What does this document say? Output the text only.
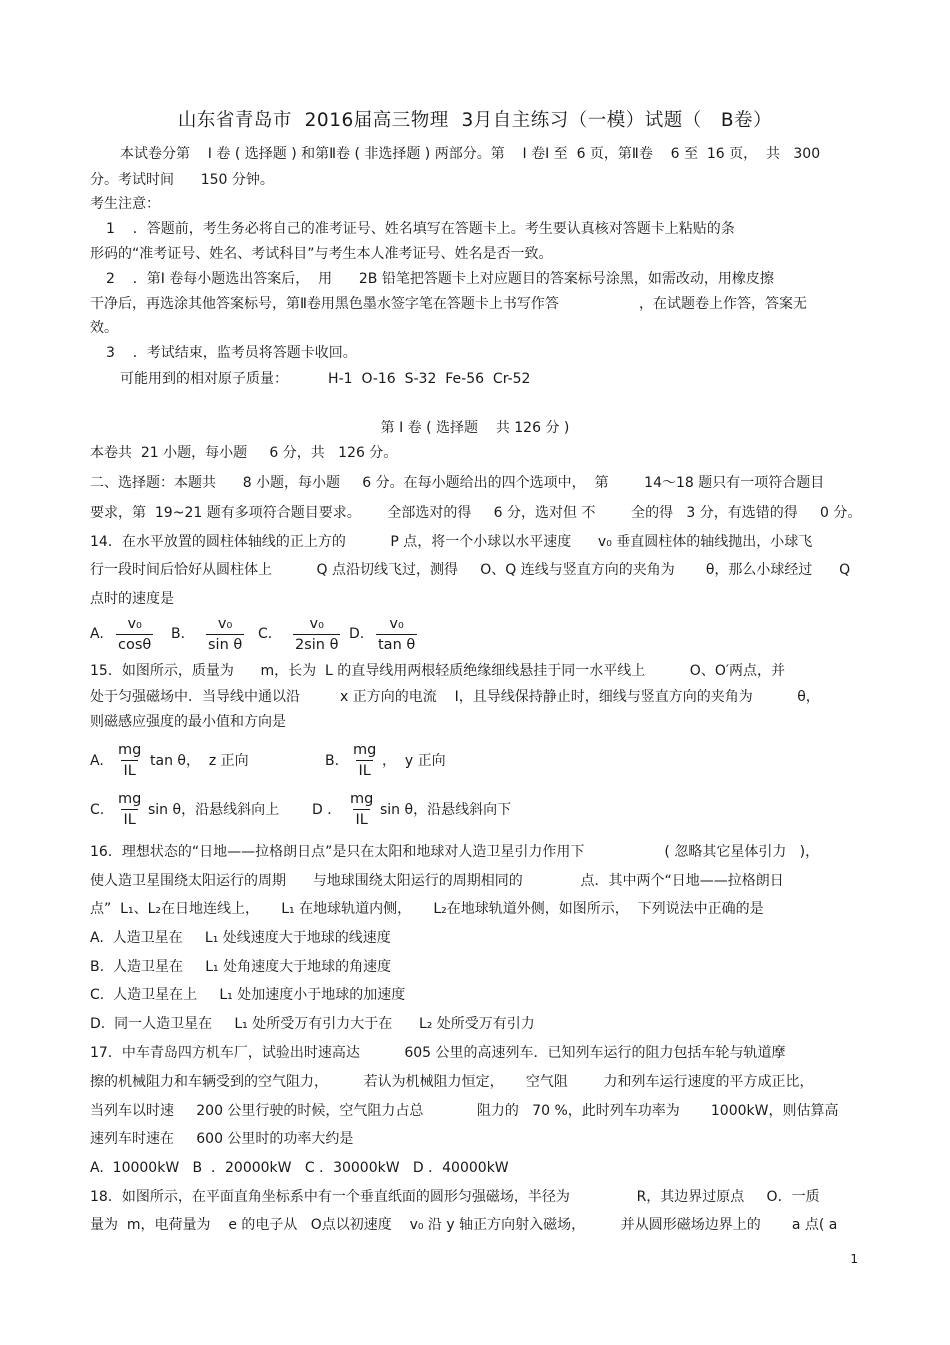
山东省青岛市  2016届高三物理  3月自主练习（一模）试题（   B卷）
本试卷分第    Ⅰ 卷 ( 选择题 ) 和第Ⅱ卷 ( 非选择题 ) 两部分。第    Ⅰ 卷Ⅰ 至  6 页，第Ⅱ卷    6 至  16 页，  共   300
分。考试时间      150 分钟。
考生注意：
1    ．答题前，考生务必将自己的准考证号、姓名填写在答题卡上。考生要认真核对答题卡上粘贴的条
形码的“准考证号、姓名、考试科目”与考生本人准考证号、姓名是否一致。
2    ．第Ⅰ 卷每小题选出答案后，  用      2B 铅笔把答题卡上对应题目的答案标号涂黑，如需改动，用橡皮擦
干净后，再选涂其他答案标号，第Ⅱ卷用黑色墨水签字笔在答题卡上书写作答                  ，在试题卷上作答，答案无
效。
3    ．考试结束，监考员将答题卡收回。
可能用到的相对原子质量：         H-1  O-16  S-32  Fe-56  Cr-52
第 Ⅰ 卷 ( 选择题    共 126 分 )
本卷共  21 小题，每小题     6 分，共   126 分。
二、选择题：本题共      8 小题，每小题     6 分。在每小题给出的四个选项中，  第        14～18 题只有一项符合题目
要求，第  19~21 题有多项符合题目要求。      全部选对的得     6 分，选对但 不        全的得   3 分，有选错的得     0 分。
14．在水平放置的圆柱体轴线的正上方的          P 点，将一个小球以水平速度      v₀ 垂直圆柱体的轴线抛出，小球飞
行一段时间后恰好从圆柱体上          Q 点沿切线飞过，测得     O、Q 连线与竖直方向的夹角为       θ，那么小球经过      Q
点时的速度是
A. $\frac{\text{v₀}}{\cos\theta}$ B． $\frac{\text{v₀}}{\text{sin θ}}$ C． $\frac{\text{v₀}}{\text{2sin θ}} D$. $\frac{\text{v₀}}{\text{tan θ}}$
15．如图所示，质量为      m，长为  L 的直导线用两根轻质绝缘细线悬挂于同一水平线上          O、O′两点，并
处于匀强磁场中．当导线中通以沿         x 正方向的电流    I，且导线保持静止时，细线与竖直方向的夹角为          θ，
则磁感应强度的最小值和方向是
A. $\frac{mg}{IL}$ tan θ，  z 正向	B. $\frac{mg}{IL}$ ，  y 正向
C. $\frac{mg}{IL}$ sin θ，沿悬线斜向上 D ． $\frac{mg}{IL}$ sin θ，沿悬线斜向下
16．理想状态的“日地——拉格朗日点”是只在太阳和地球对人造卫星引力作用下                  ( 忽略其它星体引力   )，
使人造卫星围绕太阳运行的周期      与地球围绕太阳运行的周期相同的             点．其中两个“日地——拉格朗日
点”  L₁、L₂在日地连线上，     L₁ 在地球轨道内侧，     L₂在地球轨道外侧，如图所示，  下列说法中正确的是
A.  人造卫星在     L₁ 处线速度大于地球的线速度
B.  人造卫星在     L₁ 处角速度大于地球的角速度
C.  人造卫星在上     L₁ 处加速度小于地球的加速度
D.  同一人造卫星在     L₁ 处所受万有引力大于在      L₂ 处所受万有引力
17．中车青岛四方机车厂，试验出时速高达          605 公里的高速列车．已知列车运行的阻力包括车轮与轨道摩
擦的机械阻力和车辆受到的空气阻力，        若认为机械阻力恒定，     空气阻        力和列车运行速度的平方成正比，
当列车以时速     200 公里行驶的时候，空气阻力占总            阻力的   70 %，此时列车功率为       1000kW，则估算高
速列车时速在     600 公里时的功率大约是
A.  10000kW   B  ．20000kW   C ．30000kW   D ．40000kW
18．如图所示，在平面直角坐标系中有一个垂直纸面的圆形匀强磁场，半径为               R，其边界过原点     O．一质
量为  m，电荷量为    e 的电子从   O点以初速度    v₀ 沿 y 轴正方向射入磁场，        并从圆形磁场边界上的       a 点( a
1
